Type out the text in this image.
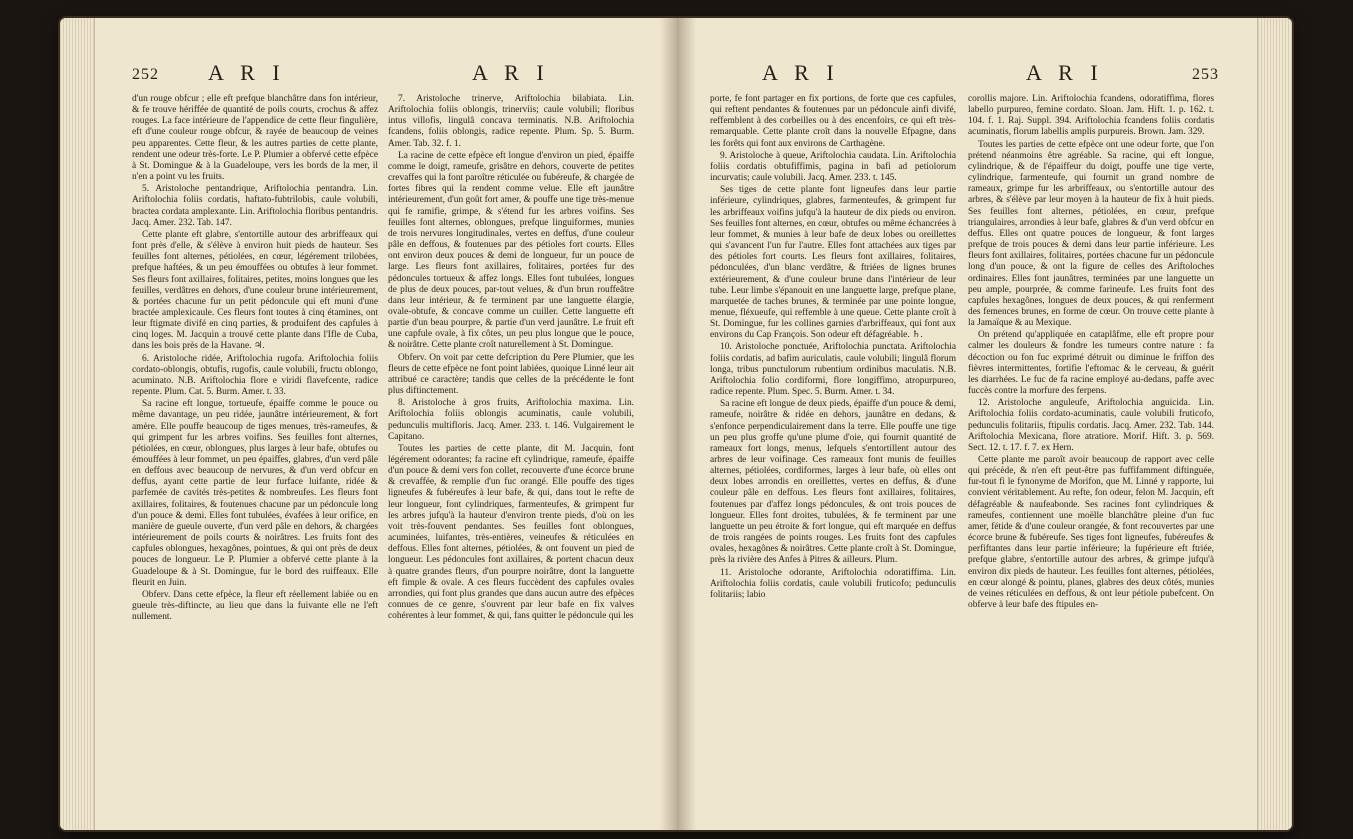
252 A R I	A R I

d'un rouge obfcur ; elle eft prefque blanchâtre dans fon intérieur, & fe trouve hériffée de quantité de poils courts, crochus & affez rouges. La face intérieure de l'appendice de cette fleur fingulière, eft d'une couleur rouge obfcur, & rayée de beaucoup de veines peu apparentes. Cette fleur, & les autres parties de cette plante, rendent une odeur très-forte. Le P. Plumier a obfervé cette efpèce à St. Domingue & à la Guadeloupe, vers les bords de la mer, il n'en a point vu les fruits.

5. Aristoloche pentandrique, Ariftolochia pentandra. Lin. Ariftolochia foliis cordatis, haftato-fubtrilobis, caule volubili, bractea cordata amplexante. Lin. Ariftolochia floribus pentandris. Jacq. Amer. 232. Tab. 147.

Cette plante eft glabre, s'entortille autour des arbriffeaux qui font près d'elle, & s'élève à environ huit pieds de hauteur. Ses feuilles font alternes, pétiolées, en cœur, légérement trilobées, prefque haftées, & un peu émouffées ou obtufes à leur fommet. Ses fleurs font axillaires, folitaires, petites, moins longues que les feuilles, verdâtres en dehors, d'une couleur brune intérieurement, & portées chacune fur un petit pédoncule qui eft muni d'une bractée amplexicaule. Ces fleurs font toutes à cinq étamines, ont leur ftigmate divifé en cinq parties, & produifent des capfules à cinq loges. M. Jacquin a trouvé cette plante dans l'Ifle de Cuba, dans les bois près de la Havane. ♃.

6. Aristoloche ridée, Ariftolochia rugofa. Ariftolochia foliis cordato-oblongis, obtufis, rugofis, caule volubili, fructu oblongo, acuminato. N.B. Ariftolochia flore e viridi flavefcente, radice repente. Plum. Cat. 5. Burm. Amer. t. 33.

Sa racine eft longue, tortueufe, épaiffe comme le pouce ou même davantage, un peu ridée, jaunâtre intérieurement, & fort amère. Elle pouffe beaucoup de tiges menues, très-rameufes, & qui grimpent fur les arbres voifins. Ses feuilles font alternes, pétiolées, en cœur, oblongues, plus larges à leur bafe, obtufes ou émouffées à leur fommet, un peu épaiffes, glabres, d'un verd pâle en deffous avec beaucoup de nervures, & d'un verd obfcur en deffus, ayant cette partie de leur furface luifante, ridée & parfemée de cavités très-petites & nombreufes. Les fleurs font axillaires, folitaires, & foutenues chacune par un pédoncule long d'un pouce & demi. Elles font tubulées, évafées à leur orifice, en manière de gueule ouverte, d'un verd pâle en dehors, & chargées intérieurement de poils courts & noirâtres. Les fruits font des capfules oblongues, hexagônes, pointues, & qui ont près de deux pouces de longueur. Le P. Plumier a obfervé cette plante à la Guadeloupe & à St. Domingue, fur le bord des ruiffeaux. Elle fleurit en Juin.

Obferv. Dans cette efpèce, la fleur eft réellement labiée ou en gueule très-diftincte, au lieu que dans la fuivante elle ne l'eft nullement.

7. Aristoloche trinerve, Ariftolochia bilabiata. Lin. Ariftolochia foliis oblongis, trinerviis; caule volubili; floribus intus villofis, lingulâ concava terminatis. N.B. Ariftolochia fcandens, foliis oblongis, radice repente. Plum. Sp. 5. Burm. Amer. Tab. 32. f. 1.

La racine de cette efpèce eft longue d'environ un pied, épaiffe comme le doigt, rameufe, grisâtre en dehors, couverte de petites crevaffes qui la font paroître réticulée ou fubéreufe, & chargée de fortes fibres qui la rendent comme velue. Elle eft jaunâtre intérieurement, d'un goût fort amer, & pouffe une tige très-menue qui fe ramifie, grimpe, & s'étend fur les arbres voifins. Ses feuilles font alternes, oblongues, prefque linguiformes, munies de trois nervures longitudinales, vertes en deffus, d'une couleur pâle en deffous, & foutenues par des pétioles fort courts. Elles ont environ deux pouces & demi de longueur, fur un pouce de large. Les fleurs font axillaires, folitaires, portées fur des pédoncules tortueux & affez longs. Elles font tubulées, longues de plus de deux pouces, par-tout velues, & d'un brun rouffeâtre dans leur intérieur, & fe terminent par une languette élargie, ovale-obtufe, & concave comme un cuiller. Cette languette eft partie d'un beau pourpre, & partie d'un verd jaunâtre. Le fruit eft une capfule ovale, à fix côtes, un peu plus longue que le pouce, & noirâtre. Cette plante croît naturellement à St. Domingue.

Obferv. On voit par cette defcription du Pere Plumier, que les fleurs de cette efpèce ne font point labiées, quoique Linné leur ait attribué ce caractère; tandis que celles de la précédente le font plus diftinctement.

8. Aristoloche à gros fruits, Ariftolochia maxima. Lin. Ariftolochia foliis oblongis acuminatis, caule volubili, pedunculis multifloris. Jacq. Amer. 233. t. 146. Vulgairement le Capitano.

Toutes les parties de cette plante, dit M. Jacquin, font légérement odorantes; fa racine eft cylindrique, rameufe, épaiffe d'un pouce & demi vers fon collet, recouverte d'une écorce brune & crevaffée, & remplie d'un fuc orangé. Elle pouffe des tiges ligneufes & fubéreufes à leur bafe, & qui, dans tout le refte de leur longueur, font cylindriques, farmenteufes, & grimpent fur les arbres jufqu'à la hauteur d'environ trente pieds, d'où on les voit très-fouvent pendantes. Ses feuilles font oblongues, acuminées, luifantes, très-entières, veineufes & réticulées en deffous. Elles font alternes, pétiolées, & ont fouvent un pied de longueur. Les pédoncules font axillaires, & portent chacun deux à quatre grandes fleurs, d'un pourpre noirâtre, dont la languette eft fimple & ovale. A ces fleurs fuccèdent des capfules ovales arrondies, qui font plus grandes que dans aucun autre des efpèces connues de ce genre, s'ouvrent par leur bafe en fix valves cohérentes à leur fommet, & qui, fans quitter le pédoncule qui les

A R I	A R I	253

porte, fe font partager en fix portions, de forte que ces capfules, qui reftent pendantes & foutenues par un pédoncule ainfi divifé, reffemblent à des corbeilles ou à des encenfoirs, ce qui eft très-remarquable. Cette plante croît dans la nouvelle Efpagne, dans les forêts qui font aux environs de Carthagène.

9. Aristoloche à queue, Ariftolochia caudata. Lin. Ariftolochia foliis cordatis obtufiffimis, pagina in bafi ad petiolorum incurvatis; caule volubili. Jacq. Amer. 233. t. 145.

Ses tiges de cette plante font ligneufes dans leur partie inférieure, cylindriques, glabres, farmenteufes, & grimpent fur les arbriffeaux voifins jufqu'à la hauteur de dix pieds ou environ. Ses feuilles font alternes, en cœur, obtufes ou même échancrées à leur fommet, & munies à leur bafe de deux lobes ou oreillettes qui s'avancent l'un fur l'autre. Elles font attachées aux tiges par des pétioles fort courts. Les fleurs font axillaires, folitaires, pédonculées, d'un blanc verdâtre, & ftriées de lignes brunes extérieurement, & d'une couleur brune dans l'intérieur de leur tube. Leur limbe s'épanouit en une languette large, prefque plane, marquetée de taches brunes, & terminée par une pointe longue, menue, fléxueufe, qui reffemble à une queue. Cette plante croît à St. Domingue, fur les collines garnies d'arbriffeaux, qui font aux environs du Cap François. Son odeur eft défagréable. ♄.

10. Aristoloche ponctuée, Ariftolochia punctata. Ariftolochia foliis cordatis, ad bafim auriculatis, caule volubili; lingulâ florum longa, tribus punctulorum rubentium ordinibus maculatis. N.B. Ariftolochia folio cordiformi, flore longiffimo, atropurpureo, radice repente. Plum. Spec. 5. Burm. Amer. t. 34.

Sa racine eft longue de deux pieds, épaiffe d'un pouce & demi, rameufe, noirâtre & ridée en dehors, jaunâtre en dedans, & s'enfonce perpendiculairement dans la terre. Elle pouffe une tige un peu plus groffe qu'une plume d'oie, qui fournit quantité de rameaux fort longs, menus, lefquels s'entortillent autour des arbres de leur voifinage. Ces rameaux font munis de feuilles alternes, pétiolées, cordiformes, larges à leur bafe, où elles ont deux lobes arrondis en oreillettes, vertes en deffus, & d'une couleur pâle en deffous. Les fleurs font axillaires, folitaires, foutenues par d'affez longs pédoncules, & ont trois pouces de longueur. Elles font droites, tubulées, & fe terminent par une languette un peu étroite & fort longue, qui eft marquée en deffus de trois rangées de points rouges. Les fruits font des capfules ovales, hexagônes & noirâtres. Cette plante croît à St. Domingue, près la rivière des Anfes à Pitres & ailleurs. Plum.

11. Aristoloche odorante, Ariftolochia odoratiffima. Lin. Ariftolochia foliis cordatis, caule volubili fruticofo; pedunculis folitariis; labio

corollis majore. Lin. Ariftolochia fcandens, odoratiffima, flores labello purpureo, femine cordato. Sloan. Jam. Hift. 1. p. 162. t. 104. f. 1. Raj. Suppl. 394. Ariftolochia fcandens foliis cordatis acuminatis, florum labellis amplis purpureis. Brown. Jam. 329.

Toutes les parties de cette efpèce ont une odeur forte, que l'on prétend néanmoins être agréable. Sa racine, qui eft longue, cylindrique, & de l'épaiffeur du doigt, pouffe une tige verte, cylindrique, farmenteufe, qui fournit un grand nombre de rameaux, grimpe fur les arbriffeaux, ou s'entortille autour des arbres, & s'élève par leur moyen à la hauteur de fix à huit pieds. Ses feuilles font alternes, pétiolées, en cœur, prefque triangulaires, arrondies à leur bafe, glabres & d'un verd obfcur en deffus. Elles ont quatre pouces de longueur, & font larges prefque de trois pouces & demi dans leur partie inférieure. Les fleurs font axillaires, folitaires, portées chacune fur un pédoncule long d'un pouce, & ont la figure de celles des Ariftoloches ordinaires. Elles font jaunâtres, terminées par une languette un peu ample, pourprée, & comme farineufe. Les fruits font des capfules hexagônes, longues de deux pouces, & qui renferment des femences brunes, en forme de cœur. On trouve cette plante à la Jamaïque & au Mexique.

On prétend qu'appliquée en cataplâfme, elle eft propre pour calmer les douleurs & fondre les tumeurs contre nature : fa décoction ou fon fuc exprimé détruit ou diminue le friffon des fièvres intermittentes, fortifie l'eftomac & le cerveau, & guérit les diarrhées. Le fuc de fa racine employé au-dedans, paffe avec fuccès contre la morfure des ferpens.

12. Aristoloche anguleufe, Ariftolochia anguicida. Lin. Ariftolochia foliis cordato-acuminatis, caule volubili fruticofo, pedunculis folitariis, ftipulis cordatis. Jacq. Amer. 232. Tab. 144. Ariftolochia Mexicana, flore atratiore. Morif. Hift. 3. p. 569. Sect. 12. t. 17. f. 7. ex Hern.

Cette plante me paroît avoir beaucoup de rapport avec celle qui précède, & n'en eft peut-être pas fuffifamment diftinguée, fur-tout fi le fynonyme de Morifon, que M. Linné y rapporte, lui convient véritablement. Au refte, fon odeur, felon M. Jacquin, eft défagréable & naufeabonde. Ses racines font cylindriques & rameufes, contiennent une moëlle blanchâtre pleine d'un fuc amer, fétide & d'une couleur orangée, & font recouvertes par une écorce brune & fubéreufe. Ses tiges font ligneufes, fubéreufes & perfiftantes dans leur partie inférieure; la fupérieure eft ftriée, prefque glabre, s'entortille autour des arbres, & grimpe jufqu'à environ dix pieds de hauteur. Les feuilles font alternes, pétiolées, en cœur alongé & pointu, planes, glabres des deux côtés, munies de veines réticulées en deffous, & ont leur pétiole pubefcent. On obferve à leur bafe des ftipules en-
